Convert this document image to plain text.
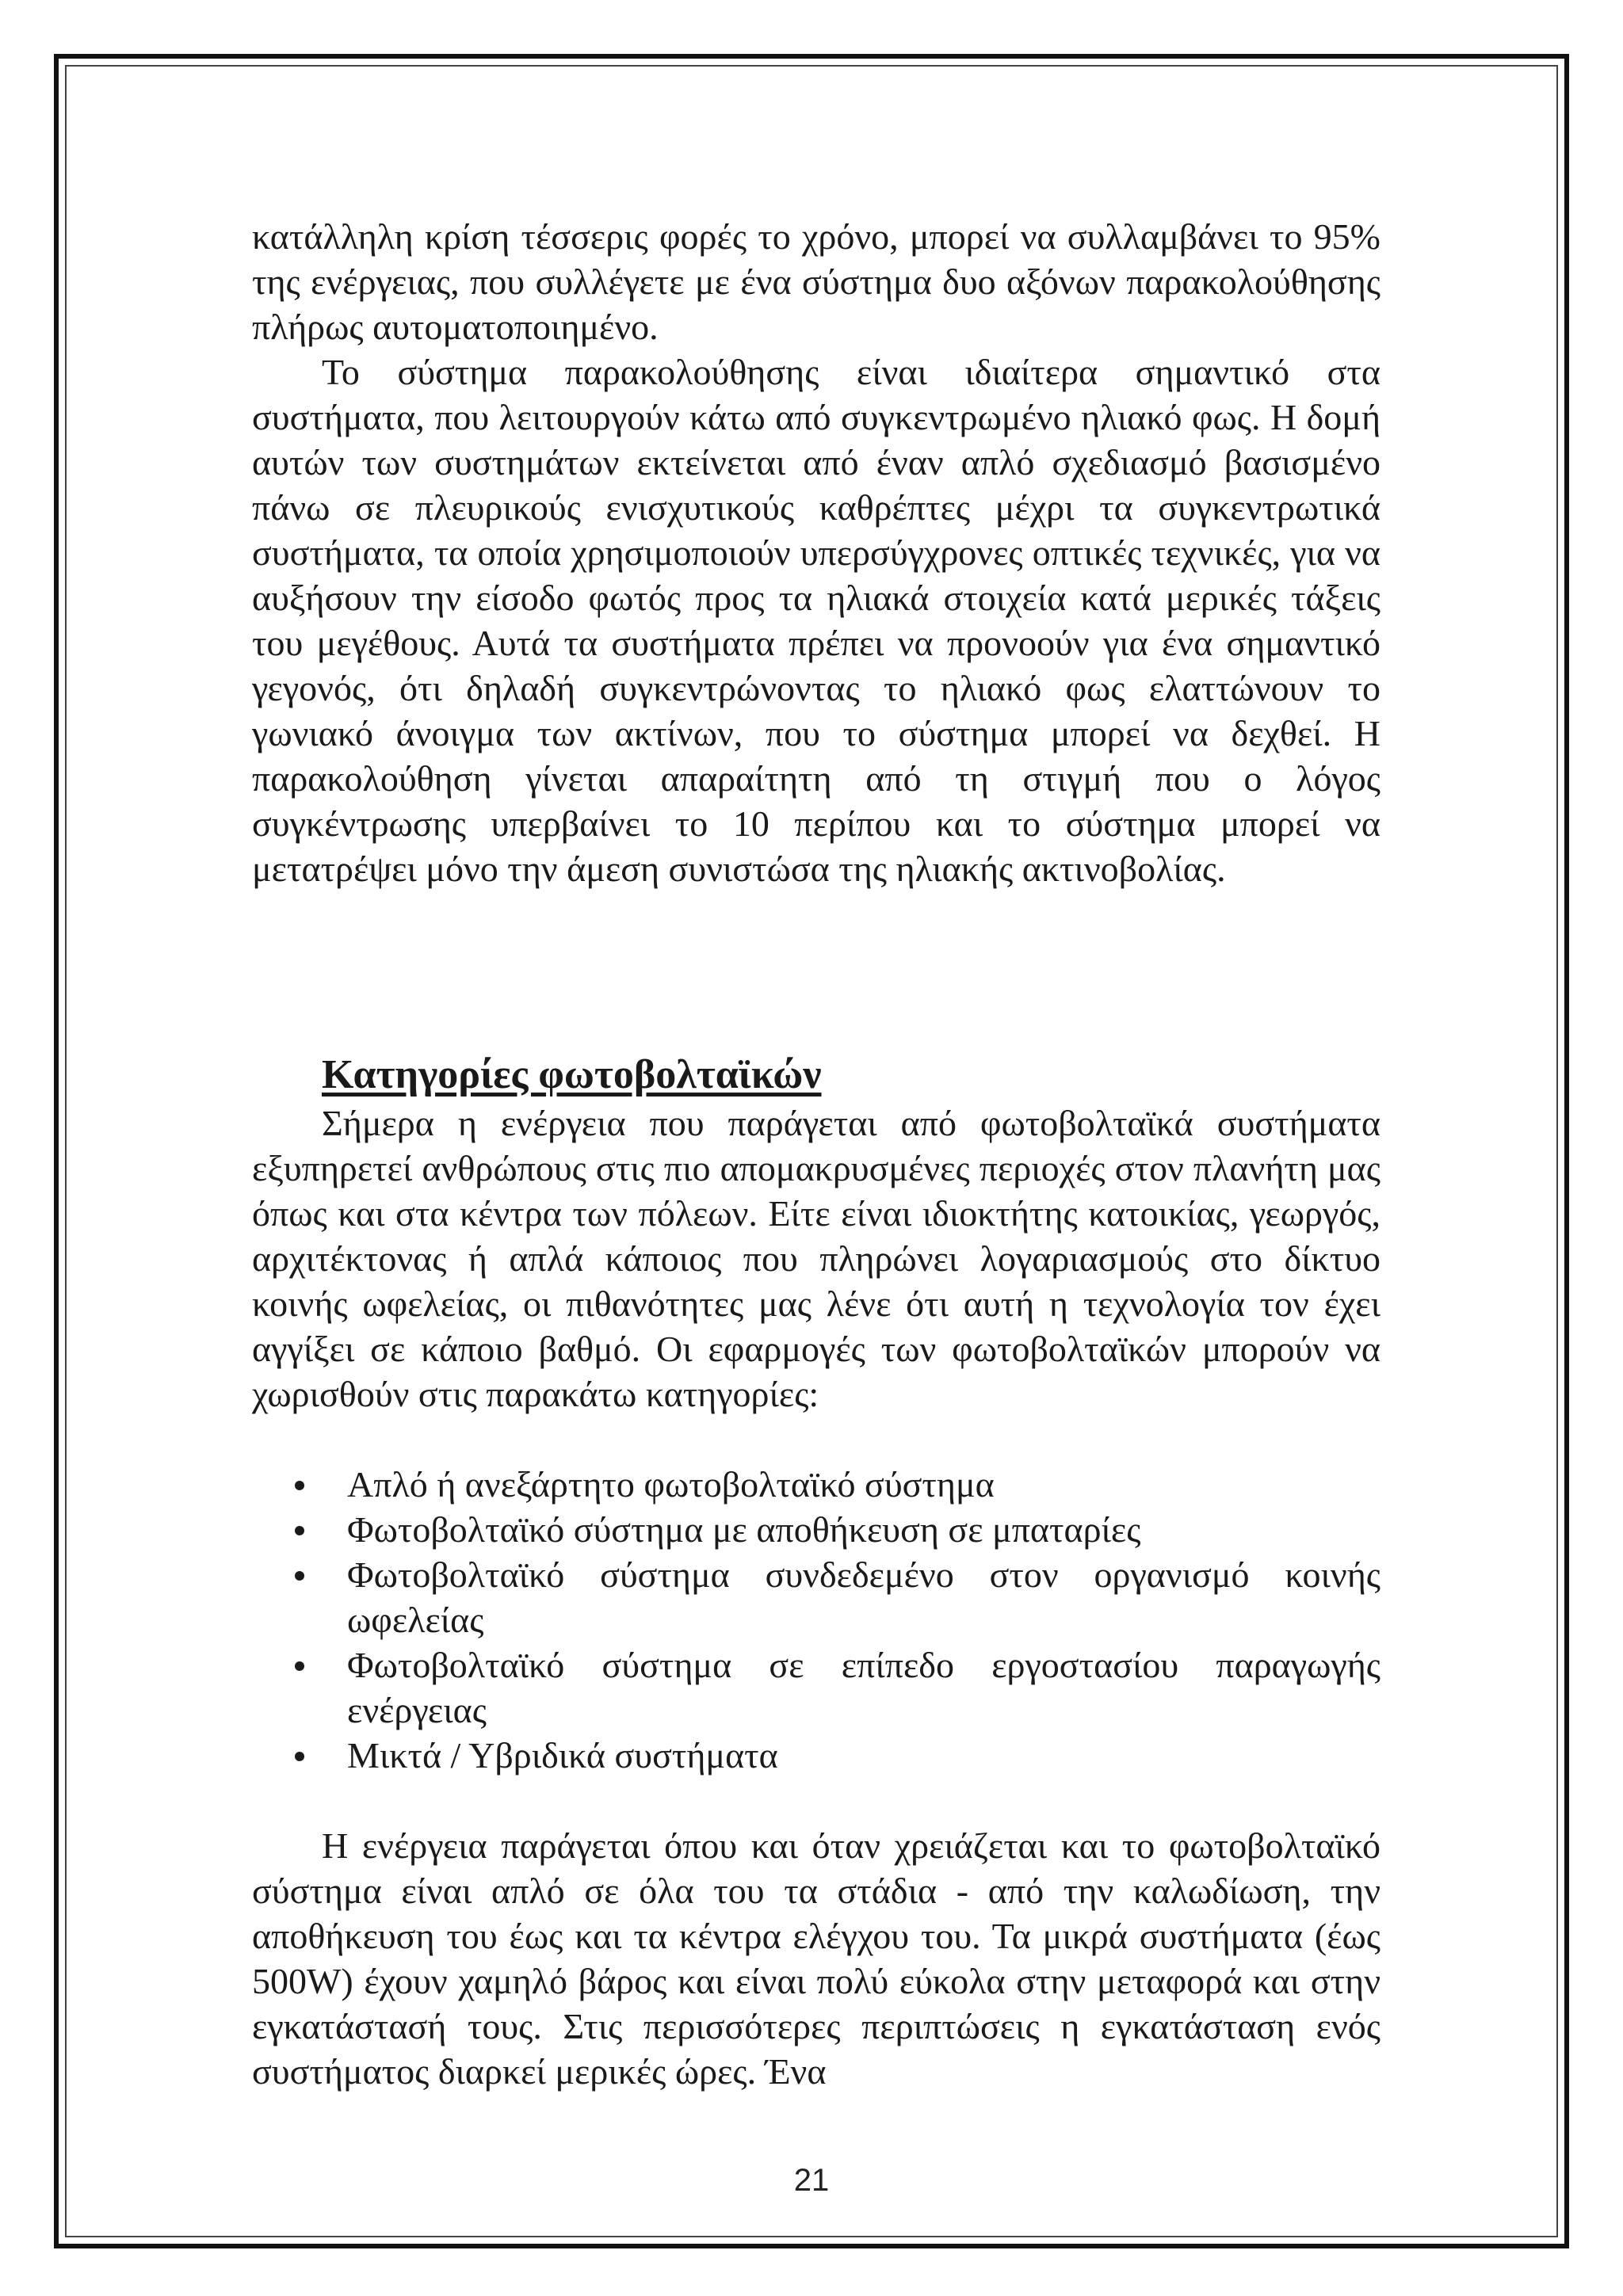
κατάλληλη κρίση τέσσερις φορές το χρόνο, μπορεί να συλλαμβάνει το 95% της ενέργειας, που συλλέγετε με ένα σύστημα δυο αξόνων παρακολούθησης πλήρως αυτοματοποιημένο.

Το σύστημα παρακολούθησης είναι ιδιαίτερα σημαντικό στα συστήματα, που λειτουργούν κάτω από συγκεντρωμένο ηλιακό φως. Η δομή αυτών των συστημάτων εκτείνεται από έναν απλό σχεδιασμό βασισμένο πάνω σε πλευρικούς ενισχυτικούς καθρέπτες μέχρι τα συγκεντρωτικά συστήματα, τα οποία χρησιμοποιούν υπερσύγχρονες οπτικές τεχνικές, για να αυξήσουν την είσοδο φωτός προς τα ηλιακά στοιχεία κατά μερικές τάξεις του μεγέθους. Αυτά τα συστήματα πρέπει να προνοούν για ένα σημαντικό γεγονός, ότι δηλαδή συγκεντρώνοντας το ηλιακό φως ελαττώνουν το γωνιακό άνοιγμα των ακτίνων, που το σύστημα μπορεί να δεχθεί. Η παρακολούθηση γίνεται απαραίτητη από τη στιγμή που ο λόγος συγκέντρωσης υπερβαίνει το 10 περίπου και το σύστημα μπορεί να μετατρέψει μόνο την άμεση συνιστώσα της ηλιακής ακτινοβολίας.

Κατηγορίες φωτοβολταϊκών

Σήμερα η ενέργεια που παράγεται από φωτοβολταϊκά συστήματα εξυπηρετεί ανθρώπους στις πιο απομακρυσμένες περιοχές στον πλανήτη μας όπως και στα κέντρα των πόλεων. Είτε είναι ιδιοκτήτης κατοικίας, γεωργός, αρχιτέκτονας ή απλά κάποιος που πληρώνει λογαριασμούς στο δίκτυο κοινής ωφελείας, οι πιθανότητες μας λένε ότι αυτή η τεχνολογία τον έχει αγγίξει σε κάποιο βαθμό. Οι εφαρμογές των φωτοβολταϊκών μπορούν να χωρισθούν στις παρακάτω κατηγορίες:

Απλό ή ανεξάρτητο φωτοβολταϊκό σύστημα
Φωτοβολταϊκό σύστημα με αποθήκευση σε μπαταρίες
Φωτοβολταϊκό σύστημα συνδεδεμένο στον οργανισμό κοινής ωφελείας
Φωτοβολταϊκό σύστημα σε επίπεδο εργοστασίου παραγωγής ενέργειας
Μικτά / Υβριδικά συστήματα

Η ενέργεια παράγεται όπου και όταν χρειάζεται και το φωτοβολταϊκό σύστημα είναι απλό σε όλα του τα στάδια - από την καλωδίωση, την αποθήκευση του έως και τα κέντρα ελέγχου του. Τα μικρά συστήματα (έως 500W) έχουν χαμηλό βάρος και είναι πολύ εύκολα στην μεταφορά και στην εγκατάστασή τους. Στις περισσότερες περιπτώσεις η εγκατάσταση ενός συστήματος διαρκεί μερικές ώρες. Ένα

21
